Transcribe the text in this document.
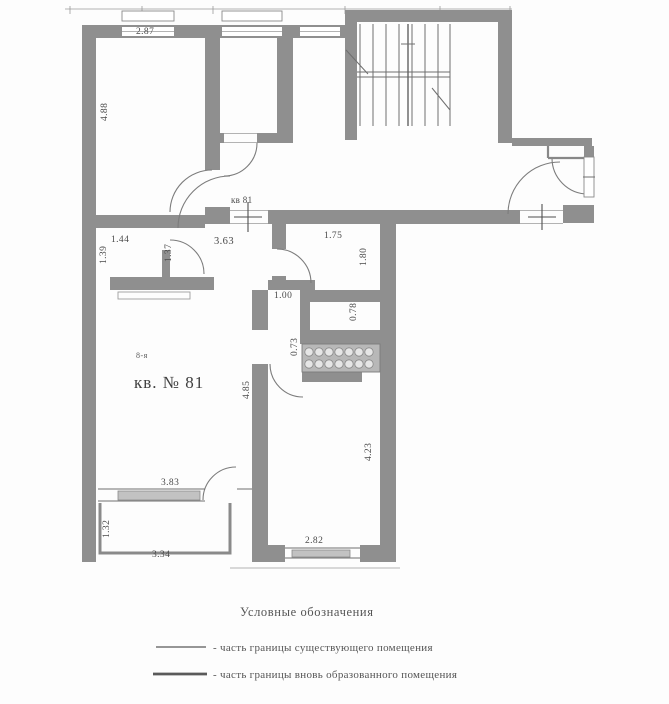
2.87
4.88
1.44
1.39	1.37
3.63	1.75
1.80
1.00
0.78
0.73
4.85
4.23
2.82
3.83
1.32
3.34
кв 81
8-я
кв. № 81
Условные обозначения
- часть границы существующего помещения
- часть границы вновь образованного помещения
